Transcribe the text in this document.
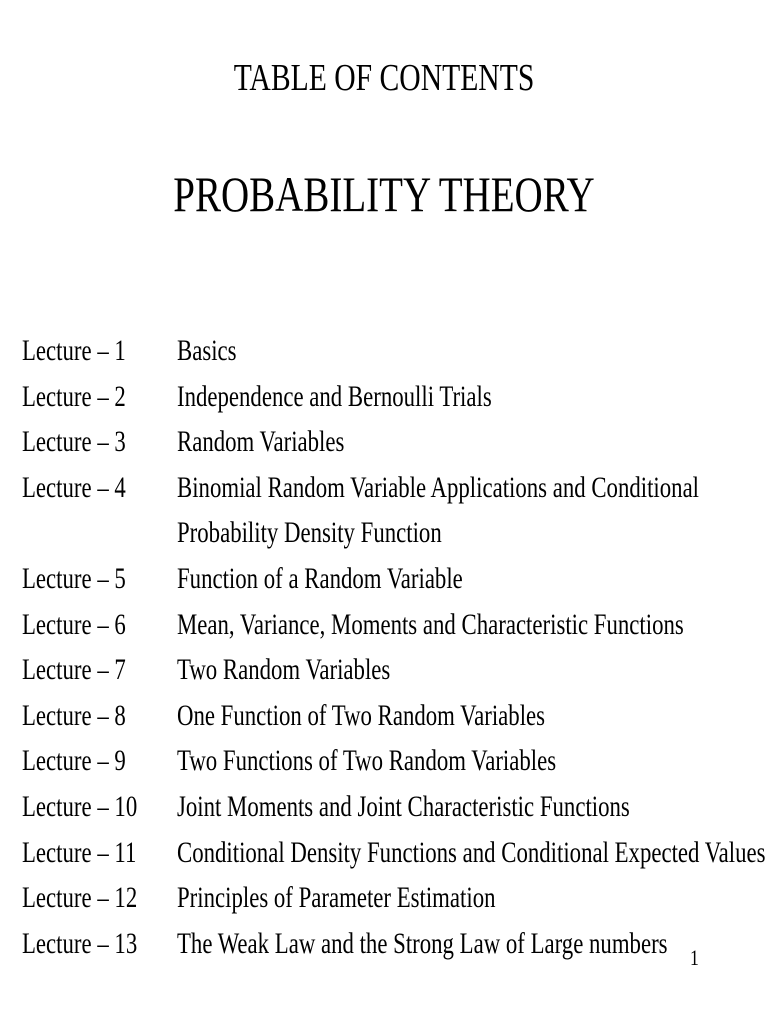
TABLE OF CONTENTS
PROBABILITY THEORY
Lecture – 1 Basics
Lecture – 2 Independence and Bernoulli Trials
Lecture – 3 Random Variables
Lecture – 4 Binomial Random Variable Applications and Conditional
Probability Density Function
Lecture – 5 Function of a Random Variable
Lecture – 6 Mean, Variance, Moments and Characteristic Functions
Lecture – 7 Two Random Variables
Lecture – 8 One Function of Two Random Variables
Lecture – 9 Two Functions of Two Random Variables
Lecture – 10 Joint Moments and Joint Characteristic Functions
Lecture – 11 Conditional Density Functions and Conditional Expected Values
Lecture – 12 Principles of Parameter Estimation
Lecture – 13 The Weak Law and the Strong Law of Large numbers 1
